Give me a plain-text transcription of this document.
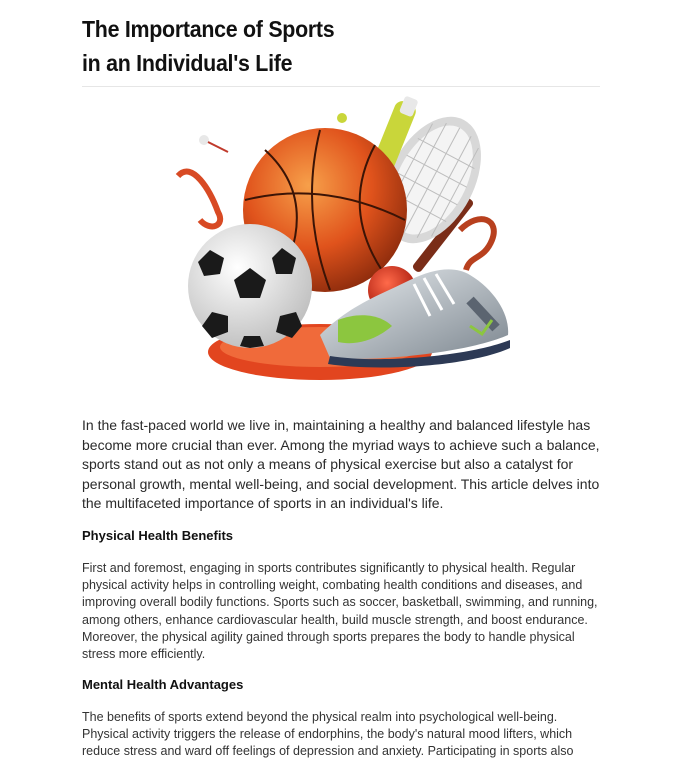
The Importance of Sports
in an Individual's Life

In the fast-paced world we live in, maintaining a healthy and balanced lifestyle has become more crucial than ever. Among the myriad ways to achieve such a balance, sports stand out as not only a means of physical exercise but also a catalyst for personal growth, mental well-being, and social development. This article delves into the multifaceted importance of sports in an individual's life.

Physical Health Benefits

First and foremost, engaging in sports contributes significantly to physical health. Regular physical activity helps in controlling weight, combating health conditions and diseases, and improving overall bodily functions. Sports such as soccer, basketball, swimming, and running, among others, enhance cardiovascular health, build muscle strength, and boost endurance. Moreover, the physical agility gained through sports prepares the body to handle physical stress more efficiently.

Mental Health Advantages

The benefits of sports extend beyond the physical realm into psychological well-being. Physical activity triggers the release of endorphins, the body's natural mood lifters, which reduce stress and ward off feelings of depression and anxiety. Participating in sports also
